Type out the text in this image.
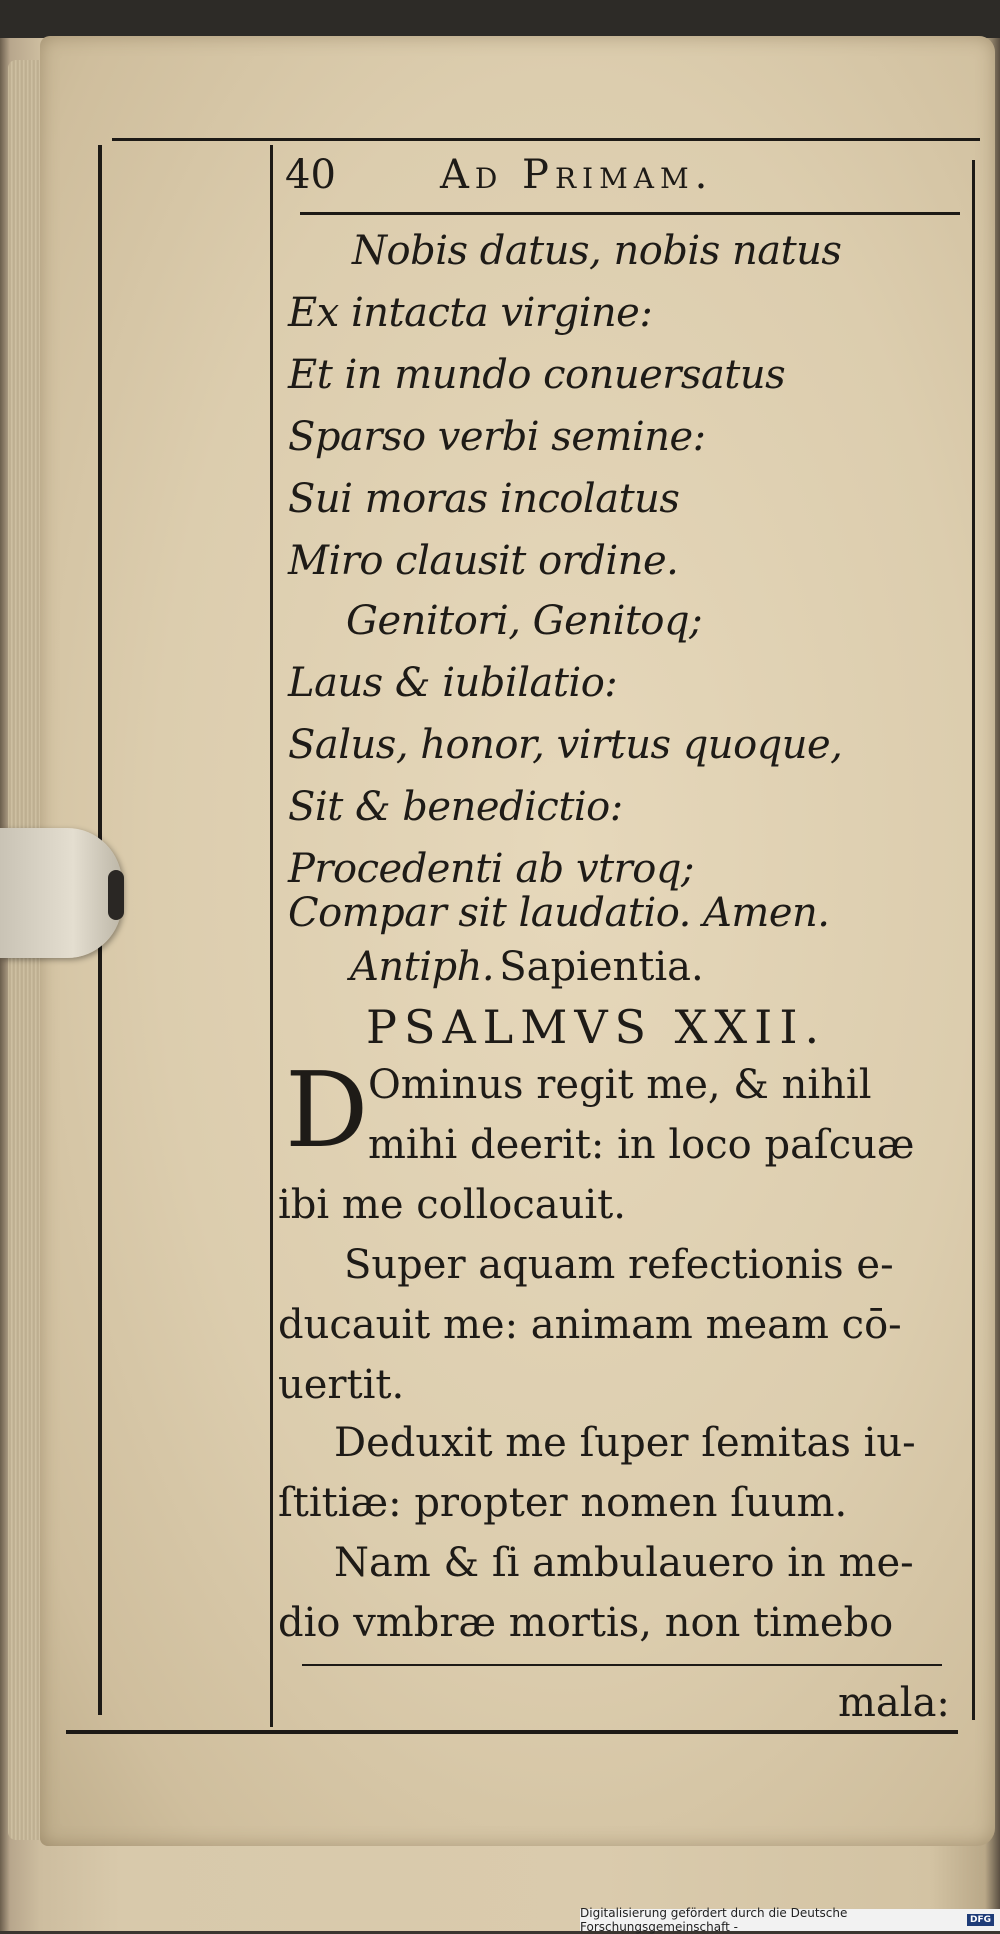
40	Ad Primam.
Nobis datus, nobis natus
Ex intacta virgine:
Et in mundo conuersatus
Sparso verbi semine:
Sui moras incolatus
Miro clausit ordine.
Genitori, Genitoq;
Laus & iubilatio:
Salus, honor, virtus quoque,
Sit & benedictio:
Procedenti ab vtroq;
Compar sit laudatio. Amen.
Antiph. Sapientia.
PSALMVS XXII.
D Ominus regit me, & nihil
mihi deerit: in loco paſcuæ
ibi me collocauit.
Super aquam refectionis e-
ducauit me: animam meam cō-
uertit.
Deduxit me ſuper ſemitas iu-
ſtitiæ: propter nomen ſuum.
Nam & ſi ambulauero in me-
dio vmbræ mortis, non timebo
mala:
Digitalisierung gefördert durch die Deutsche Forschungsgemeinschaft -	DFG
